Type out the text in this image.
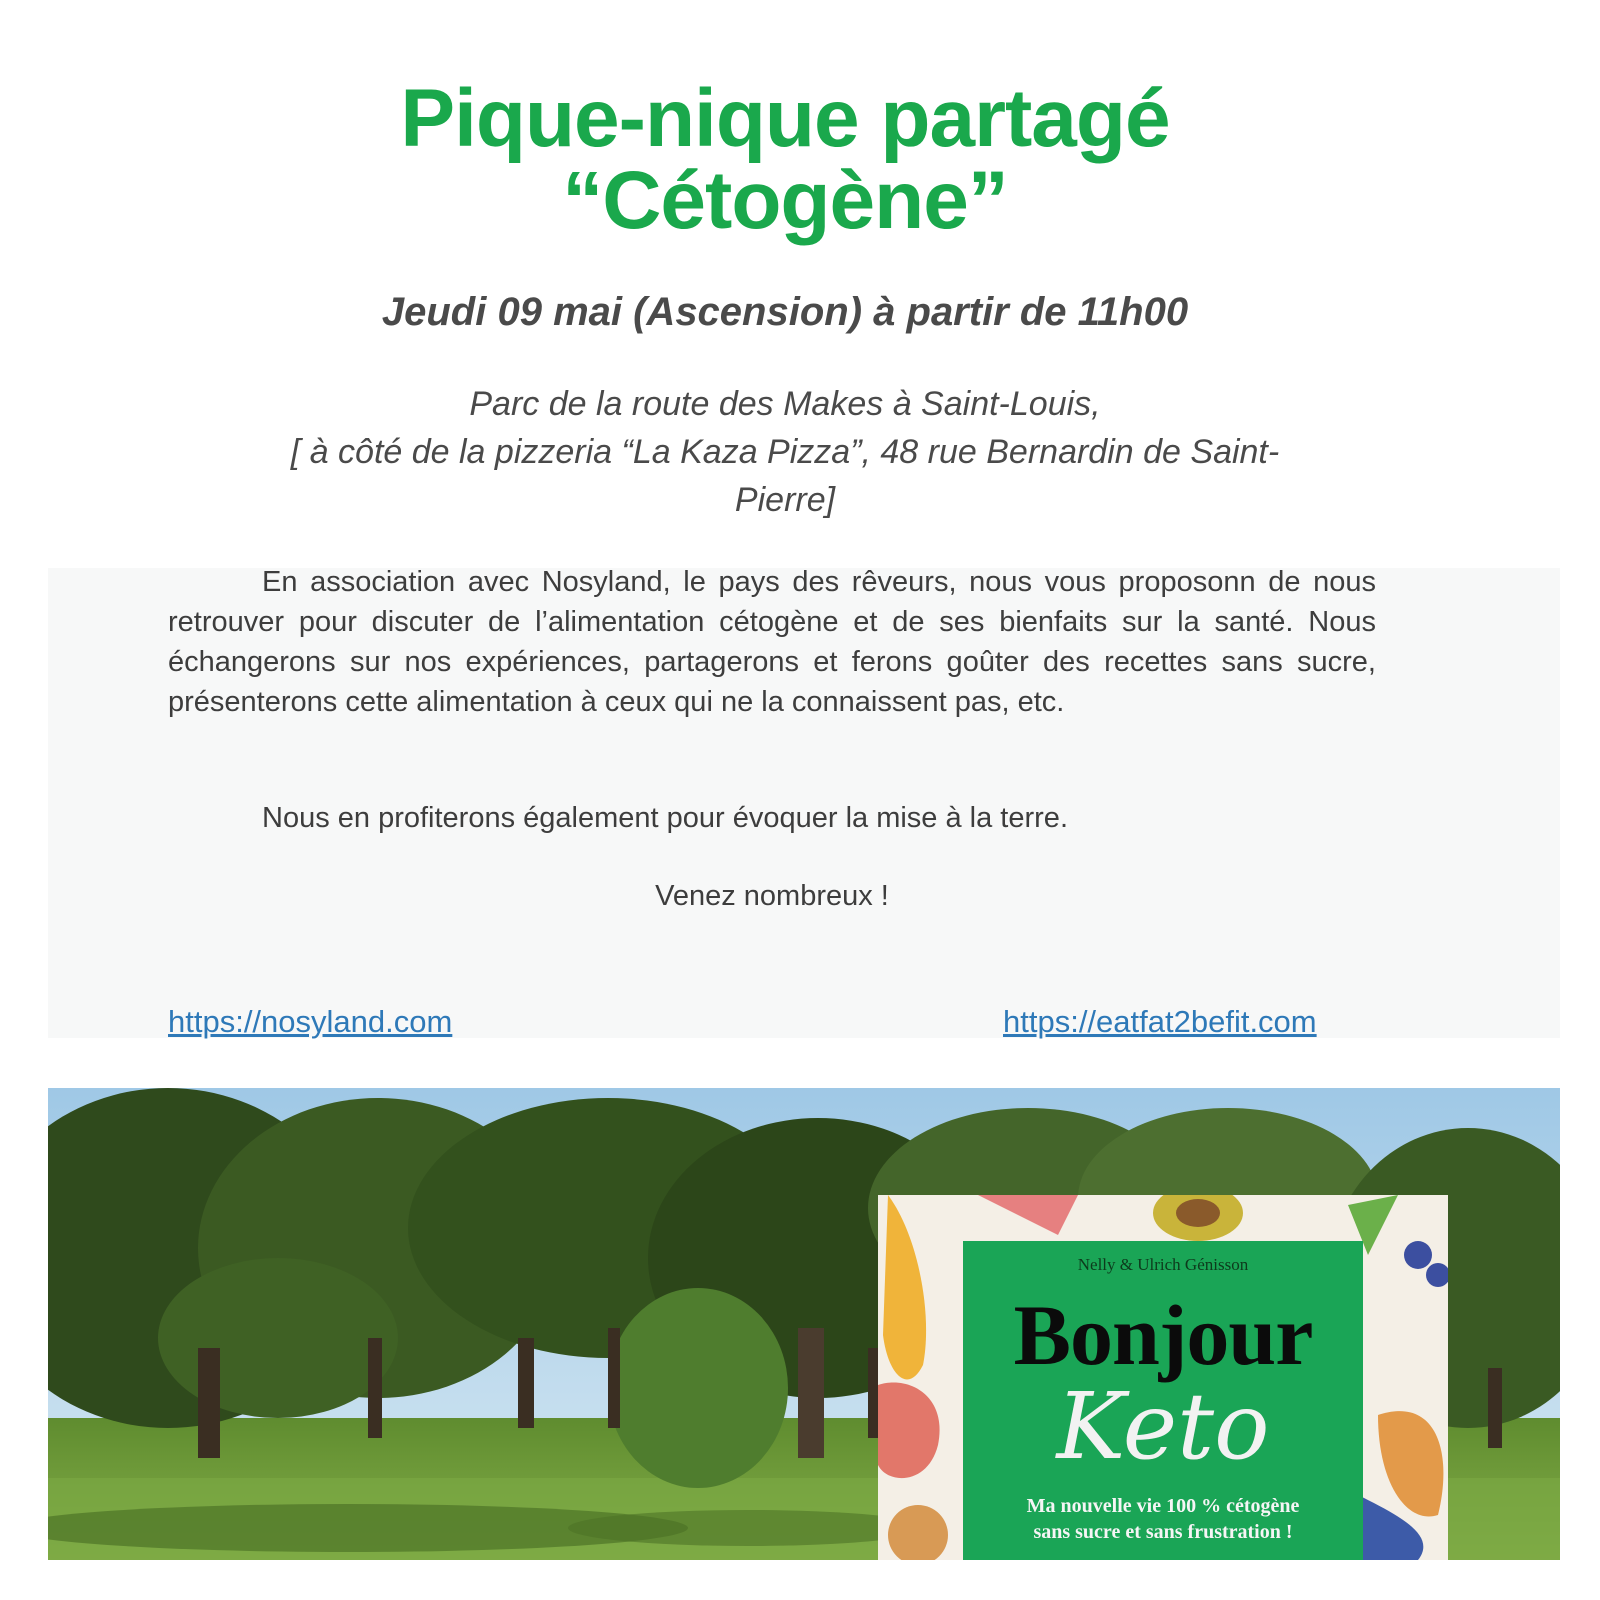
Pique-nique partagé
“Cétogène”
Jeudi 09 mai (Ascension) à partir de 11h00
Parc de la route des Makes à Saint-Louis,
[ à côté de la pizzeria “La Kaza Pizza”, 48 rue Bernardin de Saint-
Pierre]

En association avec Nosyland, le pays des rêveurs, nous vous proposonn de nous retrouver pour discuter de l’alimentation cétogène et de ses bienfaits sur la santé. Nous échangerons sur nos expériences, partagerons et ferons goûter des recettes sans sucre, présenterons cette alimentation à ceux qui ne la connaissent pas, etc.

Nous en profiterons également pour évoquer la mise à la terre.

Venez nombreux !

https://nosyland.com	https://eatfat2befit.com
Nelly & Ulrich Génisson
Bonjour
Keto
Ma nouvelle vie 100 % cétogène
sans sucre et sans frustration !
